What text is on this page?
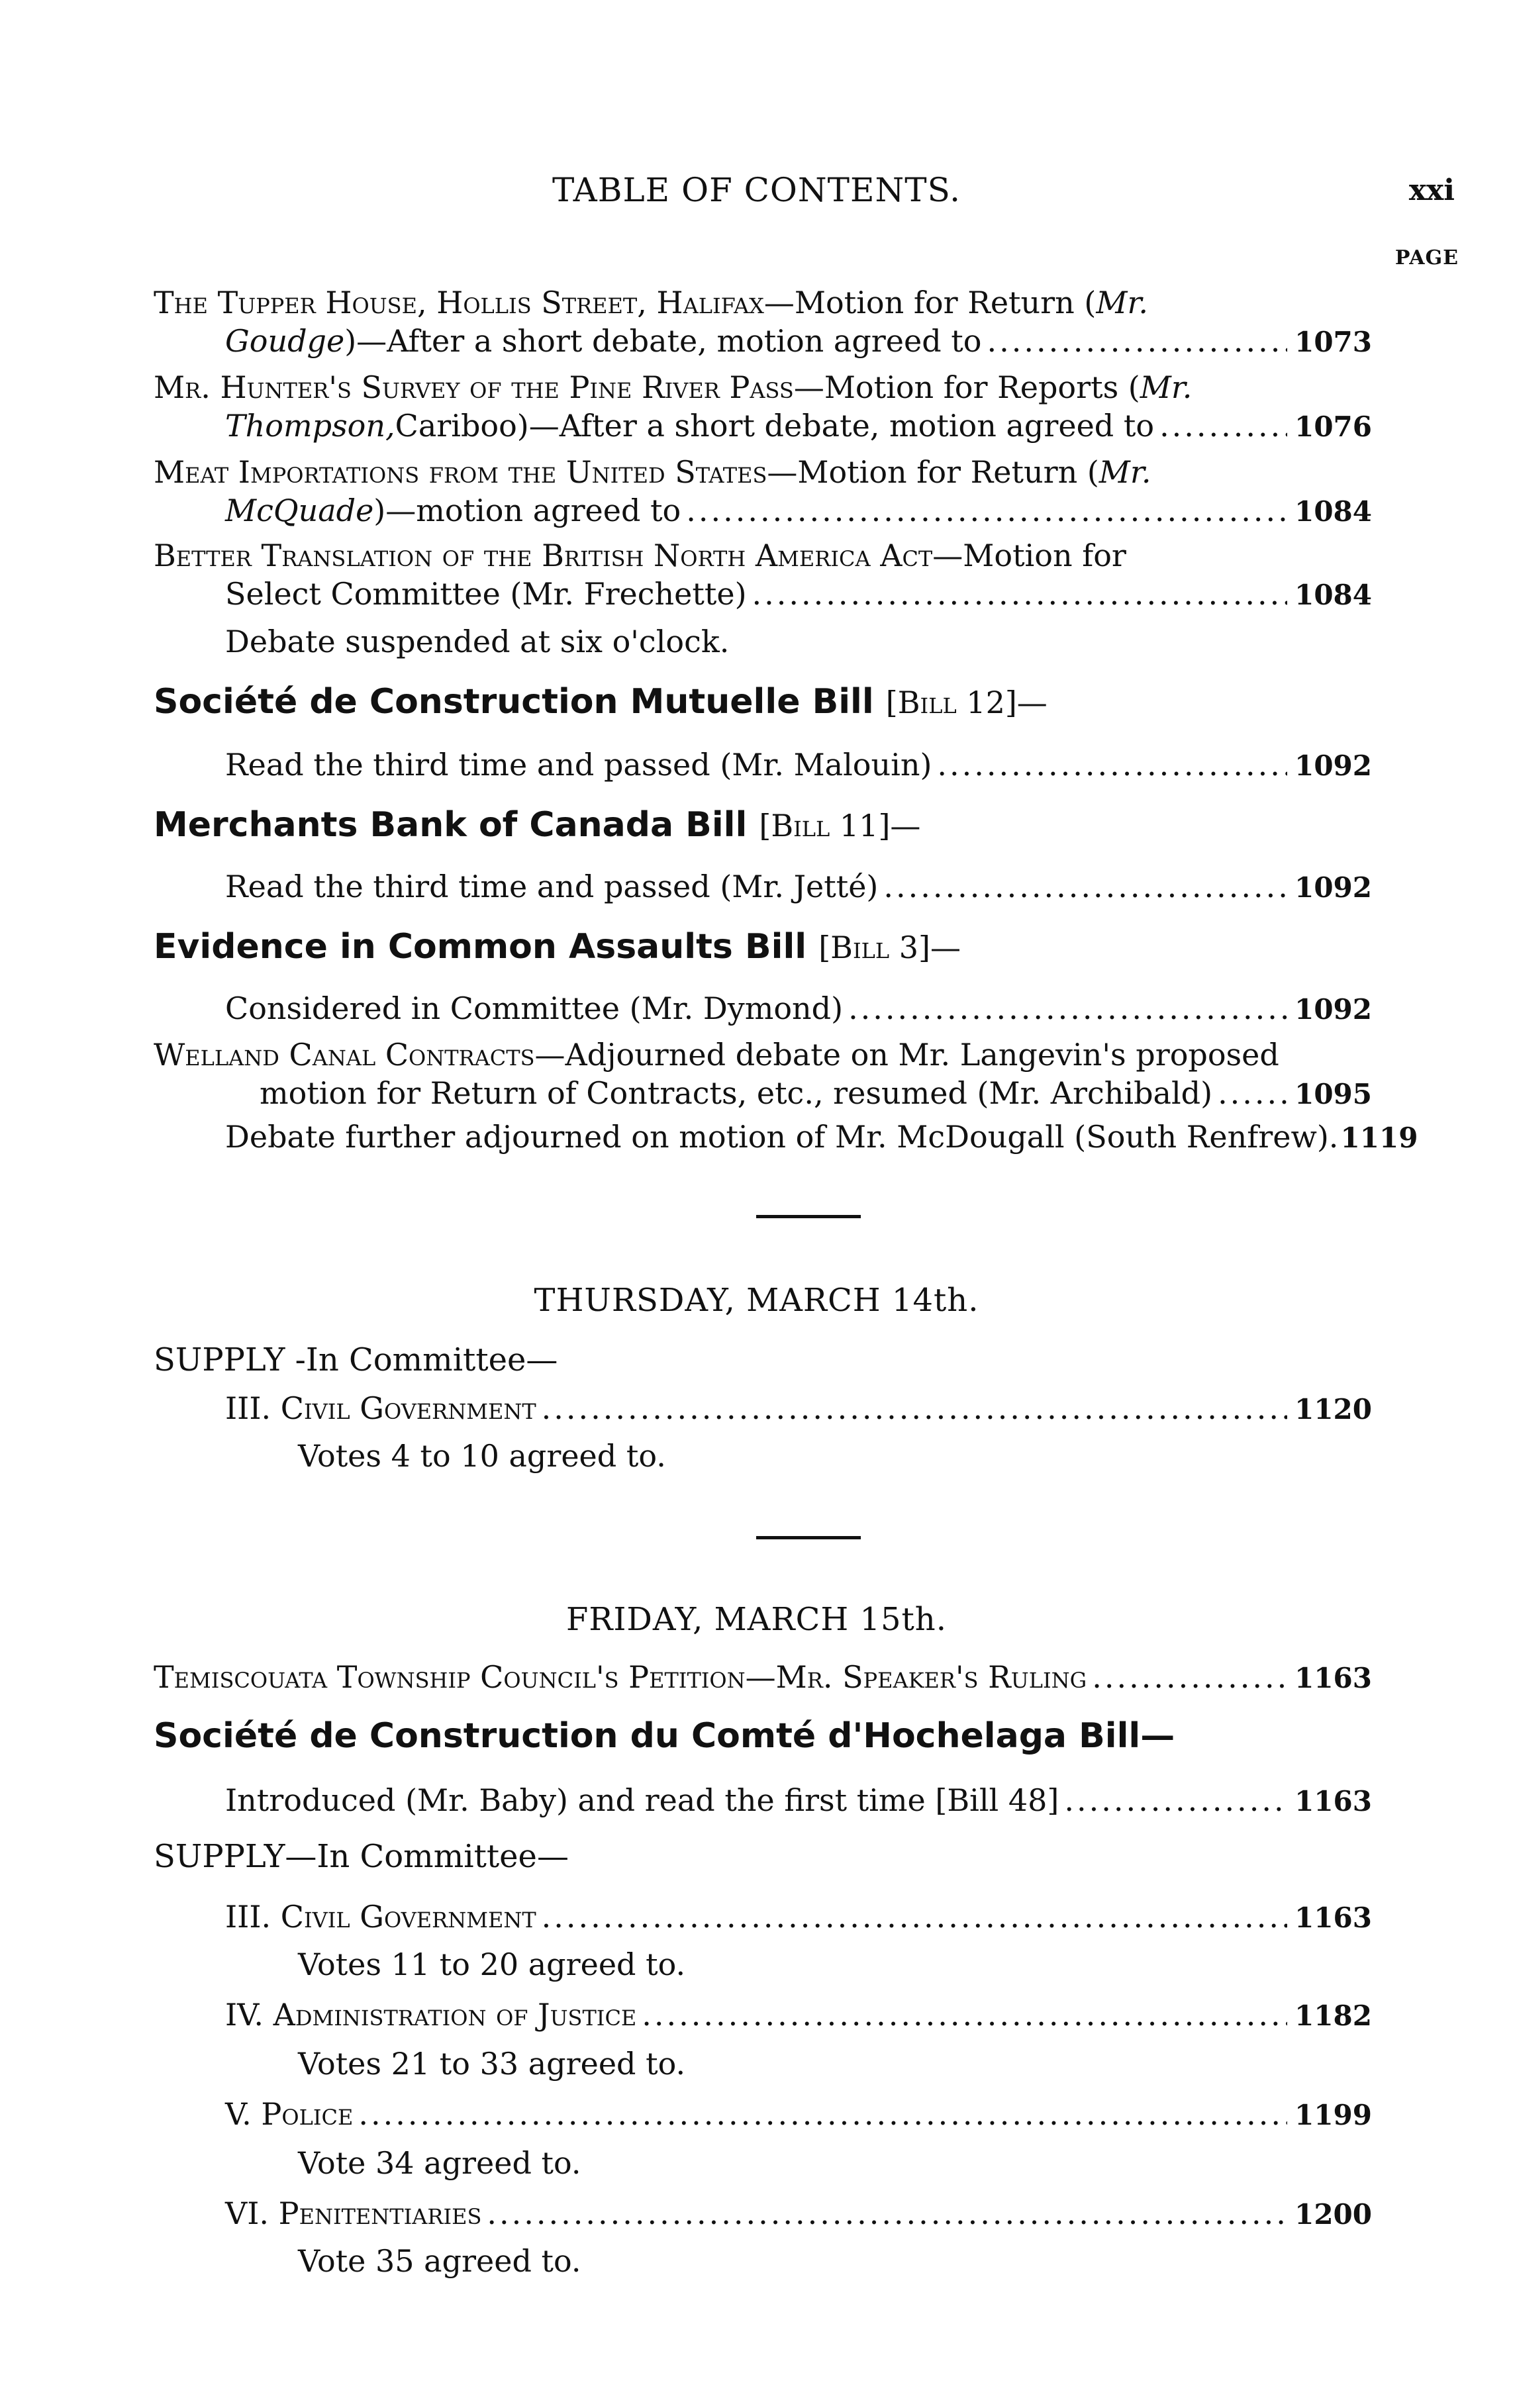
TABLE OF CONTENTS.	xxi
PAGE
The Tupper House, Hollis Street, Halifax —Motion for Return ( Mr.
Goudge )—After a short debate, motion agreed to .....	1073
Mr. Hunter's Survey of the Pine River Pass —Motion for Reports ( Mr.
Thompson, Cariboo)—After a short debate, motion agreed to .....	1076
Meat Importations from the United States —Motion for Return ( Mr.
McQuade )—motion agreed to .....	1084
Better Translation of the British North America Act —Motion for
Select Committee (Mr. Frechette) .....	1084
Debate suspended at six o'clock.
Société de Construction Mutuelle Bill [Bill 12]—
Read the third time and passed (Mr. Malouin) .....	1092
Merchants Bank of Canada Bill [Bill 11]—
Read the third time and passed (Mr. Jetté) .....	1092
Evidence in Common Assaults Bill [Bill 3]—
Considered in Committee (Mr. Dymond) .....	1092
Welland Canal Contracts —Adjourned debate on Mr. Langevin's proposed
motion for Return of Contracts, etc., resumed (Mr. Archibald) .....	1095
Debate further adjourned on motion of Mr. McDougall (South Renfrew). 1119
THURSDAY, MARCH 14th.
SUPPLY -In Committee—
III. Civil Government .....	1120
Votes 4 to 10 agreed to.
FRIDAY, MARCH 15th.
Temiscouata Township Council's Petition—Mr. Speaker's Ruling .....	1163
Société de Construction du Comté d'Hochelaga Bill—
Introduced (Mr. Baby) and read the first time [Bill 48] .....	1163
SUPPLY—In Committee—
III. Civil Government .....	1163
Votes 11 to 20 agreed to.
IV. Administration of Justice .....	1182
Votes 21 to 33 agreed to.
V. Police .....	1199
Vote 34 agreed to.
VI. Penitentiaries .....	1200
Vote 35 agreed to.
